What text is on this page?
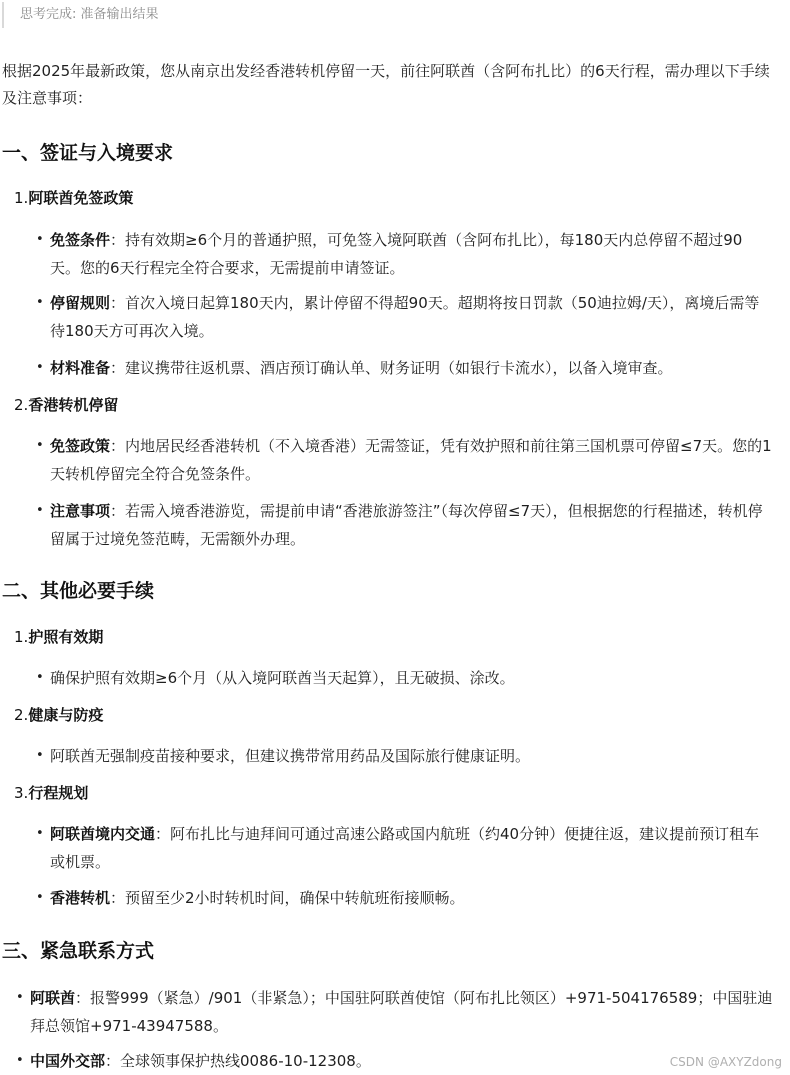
思考完成: 准备输出结果
根据2025年最新政策，您从南京出发经香港转机停留一天，前往阿联酋（含阿布扎比）的6天行程，需办理以下手续及注意事项：
一、签证与入境要求
1.阿联酋免签政策
• 免签条件：持有效期≥6个月的普通护照，可免签入境阿联酋（含阿布扎比），每180天内总停留不超过90天。您的6天行程完全符合要求，无需提前申请签证。
• 停留规则：首次入境日起算180天内，累计停留不得超90天。超期将按日罚款（50迪拉姆/天），离境后需等待180天方可再次入境。
• 材料准备：建议携带往返机票、酒店预订确认单、财务证明（如银行卡流水），以备入境审查。
2.香港转机停留
• 免签政策：内地居民经香港转机（不入境香港）无需签证，凭有效护照和前往第三国机票可停留≤7天。您的1天转机停留完全符合免签条件。
• 注意事项：若需入境香港游览，需提前申请“香港旅游签注”（每次停留≤7天），但根据您的行程描述，转机停留属于过境免签范畴，无需额外办理。
二、其他必要手续
1.护照有效期
• 确保护照有效期≥6个月（从入境阿联酋当天起算），且无破损、涂改。
2.健康与防疫
• 阿联酋无强制疫苗接种要求，但建议携带常用药品及国际旅行健康证明。
3.行程规划
• 阿联酋境内交通：阿布扎比与迪拜间可通过高速公路或国内航班（约40分钟）便捷往返，建议提前预订租车或机票。
• 香港转机：预留至少2小时转机时间，确保中转航班衔接顺畅。
三、紧急联系方式
• 阿联酋：报警999（紧急）/901（非紧急）；中国驻阿联酋使馆（阿布扎比领区）+971-504176589；中国驻迪拜总领馆+971-43947588。
• 中国外交部：全球领事保护热线0086-10-12308。	CSDN @AXYZdong
